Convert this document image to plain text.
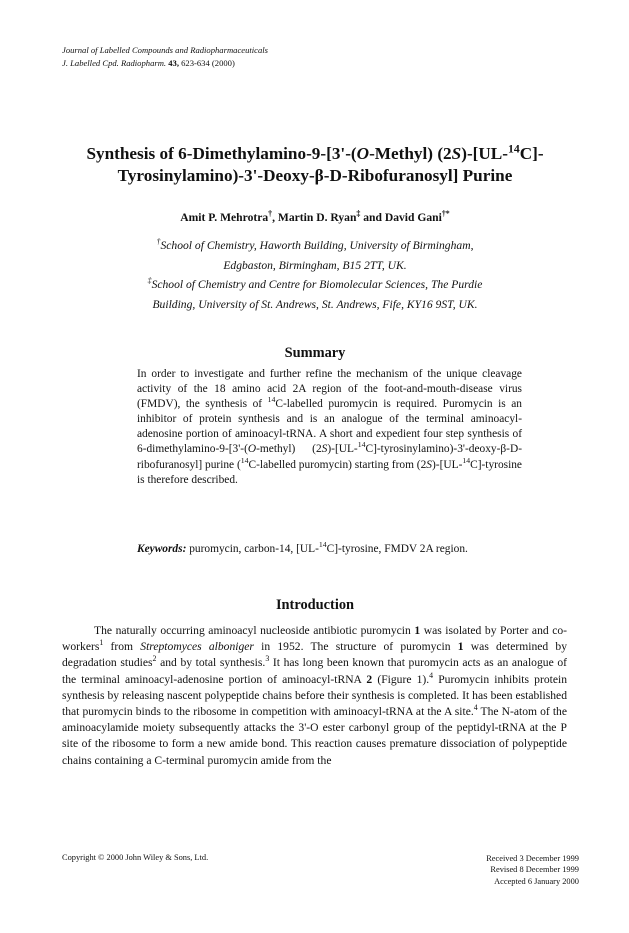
Journal of Labelled Compounds and Radiopharmaceuticals
J. Labelled Cpd. Radiopharm. 43, 623-634 (2000)
Synthesis of 6-Dimethylamino-9-[3'-(O-Methyl) (2S)-[UL-$^{14}$C]-
Tyrosinylamino)-3'-Deoxy-β-D-Ribofuranosyl] Purine
Amit P. Mehrotra†, Martin D. Ryan‡ and David Gani†*
†School of Chemistry, Haworth Building, University of Birmingham,
Edgbaston, Birmingham, B15 2TT, UK.
‡School of Chemistry and Centre for Biomolecular Sciences, The Purdie
Building, University of St. Andrews, St. Andrews, Fife, KY16 9ST, UK.
Summary
In order to investigate and further refine the mechanism of the unique cleavage activity of the 18 amino acid 2A region of the foot-and-mouth-disease virus (FMDV), the synthesis of $^{14}$C-labelled puromycin is required. Puromycin is an inhibitor of protein synthesis and is an analogue of the terminal aminoacyl-adenosine portion of aminoacyl-tRNA. A short and expedient four step synthesis of 6-dimethylamino-9-[3'-(O-methyl) (2S)-[UL-$^{14}$C]-tyrosinylamino)-3'-deoxy-β-D-ribofuranosyl] purine ($^{14}$C-labelled puromycin) starting from (2S)-[UL-$^{14}$C]-tyrosine is therefore described.
Keywords: puromycin, carbon-14, [UL-$^{14}$C]-tyrosine, FMDV 2A region.
Introduction
The naturally occurring aminoacyl nucleoside antibiotic puromycin 1 was isolated by Porter and co-workers$^1$ from Streptomyces alboniger in 1952. The structure of puromycin 1 was determined by degradation studies$^2$ and by total synthesis.$^3$ It has long been known that puromycin acts as an analogue of the terminal aminoacyl-adenosine portion of aminoacyl-tRNA 2 (Figure 1).$^4$ Puromycin inhibits protein synthesis by releasing nascent polypeptide chains before their synthesis is completed. It has been established that puromycin binds to the ribosome in competition with aminoacyl-tRNA at the A site.$^4$ The N-atom of the aminoacylamide moiety subsequently attacks the 3'-O ester carbonyl group of the peptidyl-tRNA at the P site of the ribosome to form a new amide bond. This reaction causes premature dissociation of polypeptide chains containing a C-terminal puromycin amide from the
Copyright © 2000 John Wiley & Sons, Ltd.	Received 3 December 1999
Revised 8 December 1999
Accepted 6 January 2000
